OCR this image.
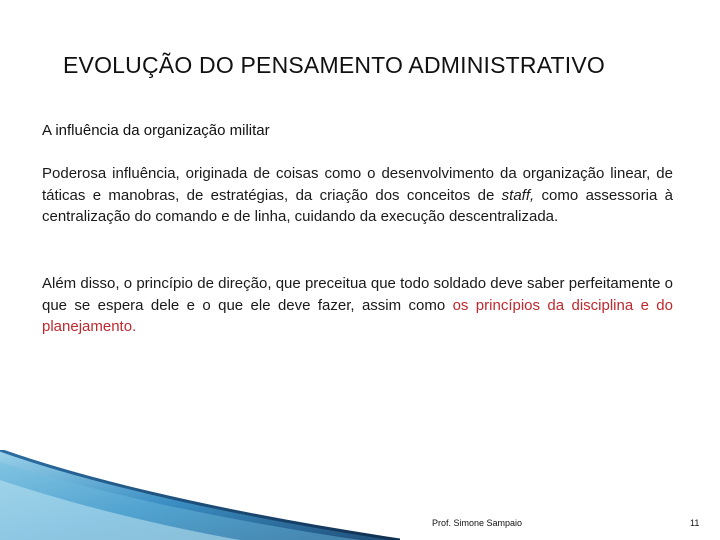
EVOLUÇÃO DO PENSAMENTO ADMINISTRATIVO
A influência da organização militar
Poderosa influência, originada de coisas como o desenvolvimento da organização linear, de táticas e manobras, de estratégias, da criação dos conceitos de staff, como assessoria à centralização do comando e de linha, cuidando da execução descentralizada.
Além disso, o princípio de direção, que preceitua que todo soldado deve saber perfeitamente o que se espera dele e o que ele deve fazer, assim como os princípios da disciplina e do planejamento.
Prof. Simone Sampaio	11
